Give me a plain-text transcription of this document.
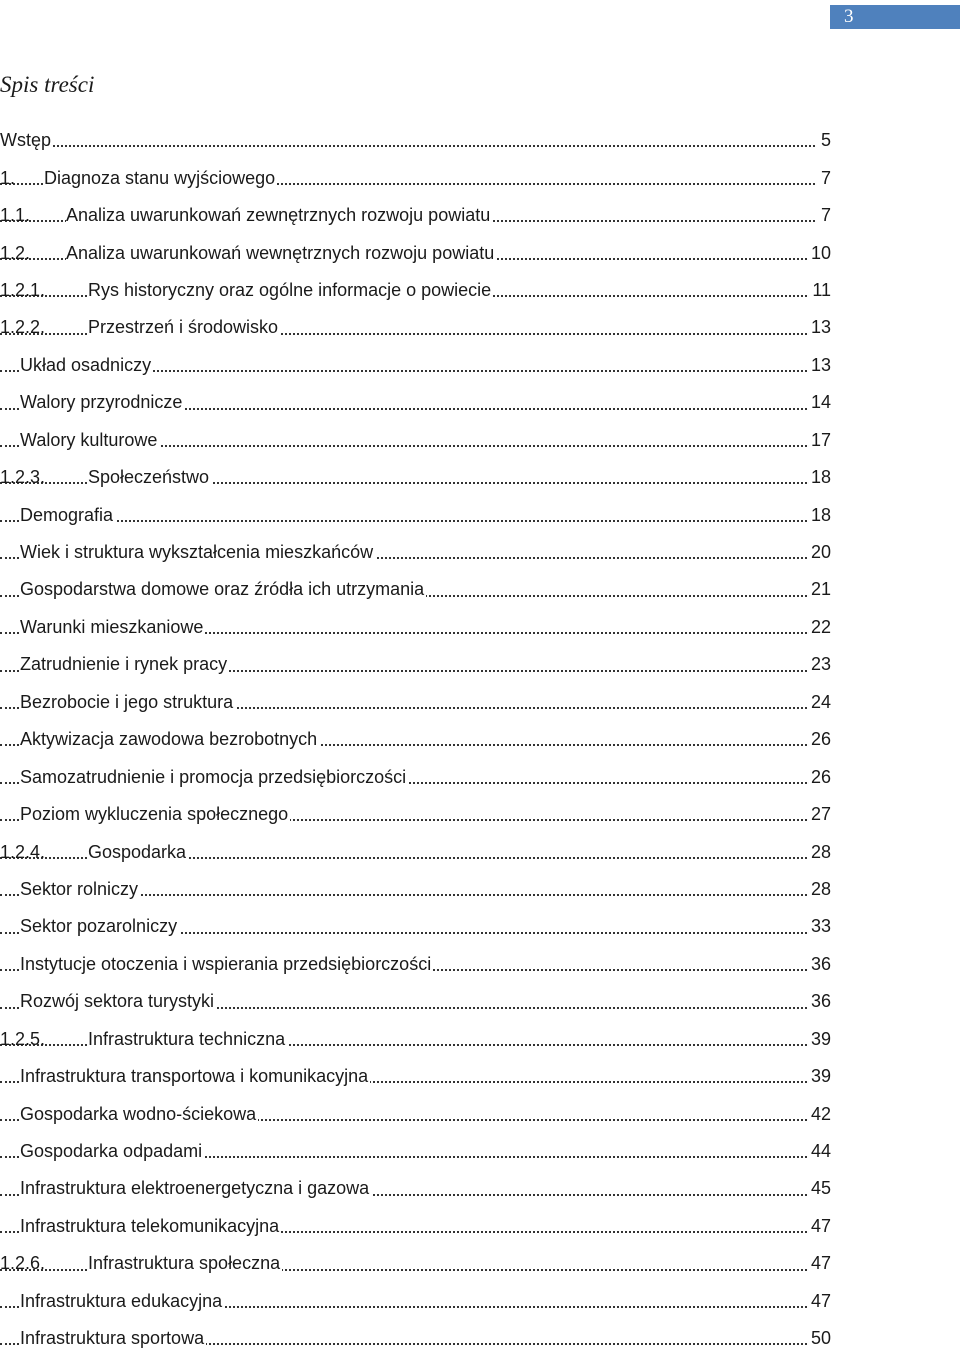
3
Spis treści
Wstęp	5
1. Diagnoza stanu wyjściowego	7
1.1. Analiza uwarunkowań zewnętrznych rozwoju powiatu	7
1.2. Analiza uwarunkowań wewnętrznych rozwoju powiatu	10
1.2.1. Rys historyczny oraz ogólne informacje o powiecie	11
1.2.2. Przestrzeń i środowisko	13
Układ osadniczy	13
Walory przyrodnicze	14
Walory kulturowe	17
1.2.3. Społeczeństwo	18
Demografia	18
Wiek i struktura wykształcenia mieszkańców	20
Gospodarstwa domowe oraz źródła ich utrzymania	21
Warunki mieszkaniowe	22
Zatrudnienie i rynek pracy	23
Bezrobocie i jego struktura	24
Aktywizacja zawodowa bezrobotnych	26
Samozatrudnienie i promocja przedsiębiorczości	26
Poziom wykluczenia społecznego	27
1.2.4. Gospodarka	28
Sektor rolniczy	28
Sektor pozarolniczy	33
Instytucje otoczenia i wspierania przedsiębiorczości	36
Rozwój sektora turystyki	36
1.2.5. Infrastruktura techniczna	39
Infrastruktura transportowa i komunikacyjna	39
Gospodarka wodno-ściekowa	42
Gospodarka odpadami	44
Infrastruktura elektroenergetyczna i gazowa	45
Infrastruktura telekomunikacyjna	47
1.2.6. Infrastruktura społeczna	47
Infrastruktura edukacyjna	47
Infrastruktura sportowa	50
